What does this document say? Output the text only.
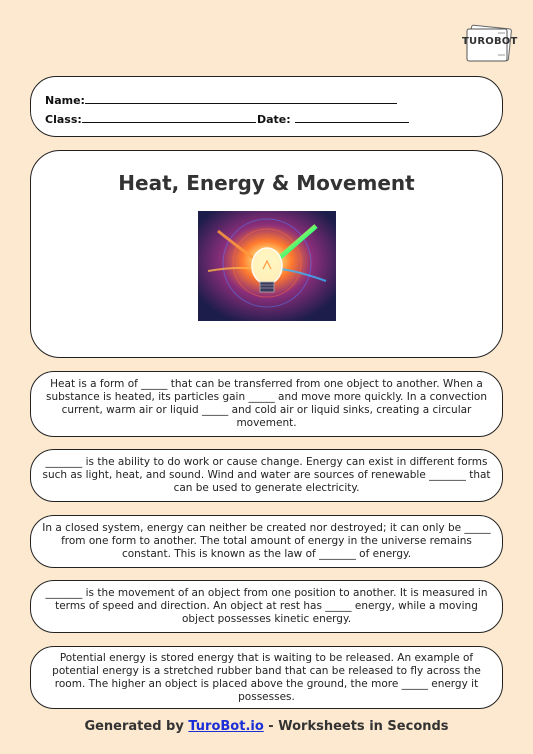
TUROBOT
Name:
Class:	Date:
Heat, Energy & Movement
Heat is a form of _____ that can be transferred from one object to another. When a substance is heated, its particles gain _____ and move more quickly. In a convection current, warm air or liquid _____ and cold air or liquid sinks, creating a circular movement.
_______ is the ability to do work or cause change. Energy can exist in different forms such as light, heat, and sound. Wind and water are sources of renewable _______ that can be used to generate electricity.
In a closed system, energy can neither be created nor destroyed; it can only be _____ from one form to another. The total amount of energy in the universe remains constant. This is known as the law of _______ of energy.
_______ is the movement of an object from one position to another. It is measured in terms of speed and direction. An object at rest has _____ energy, while a moving object possesses kinetic energy.
Potential energy is stored energy that is waiting to be released. An example of potential energy is a stretched rubber band that can be released to fly across the room. The higher an object is placed above the ground, the more _____ energy it possesses.
Generated by TuroBot.io - Worksheets in Seconds
